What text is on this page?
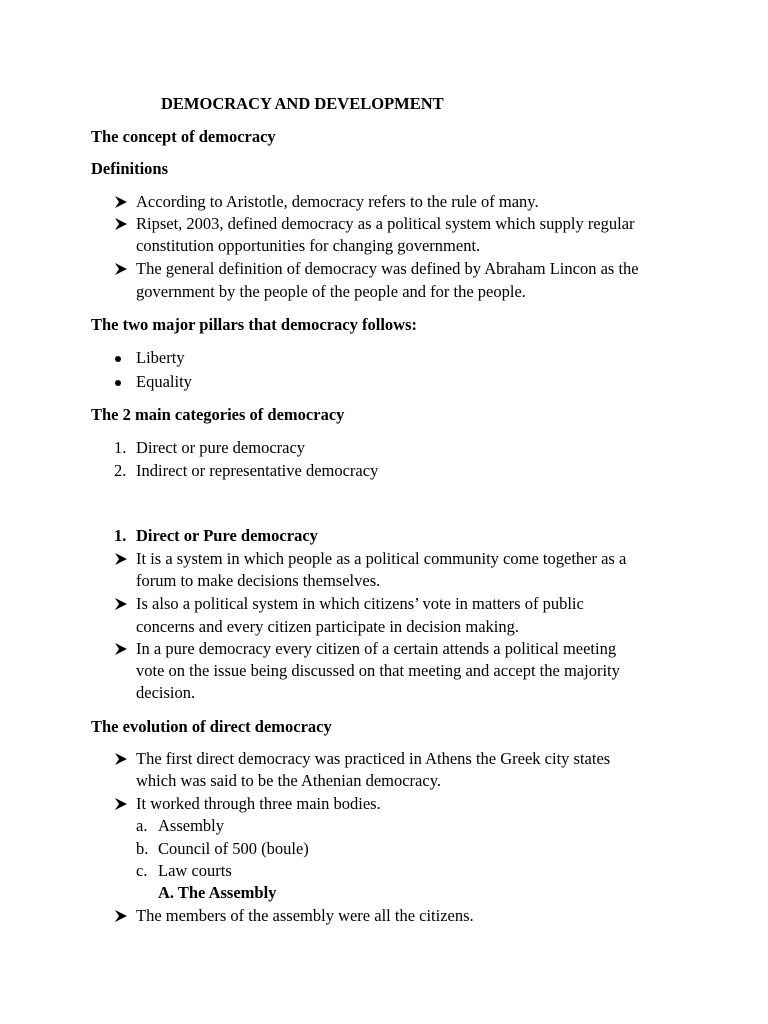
DEMOCRACY AND DEVELOPMENT
The concept of democracy
Definitions
According to Aristotle, democracy refers to the rule of many.
Ripset, 2003, defined democracy as a political system which supply regular
constitution opportunities for changing government.
The general definition of democracy was defined by Abraham Lincon as the
government by the people of the people and for the people.
The two major pillars that democracy follows:
Liberty
Equality
The 2 main categories of democracy
1. Direct or pure democracy
2. Indirect or representative democracy
1. Direct or Pure democracy
It is a system in which people as a political community come together as a
forum to make decisions themselves.
Is also a political system in which citizens’ vote in matters of public
concerns and every citizen participate in decision making.
In a pure democracy every citizen of a certain attends a political meeting
vote on the issue being discussed on that meeting and accept the majority
decision.
The evolution of direct democracy
The first direct democracy was practiced in Athens the Greek city states
which was said to be the Athenian democracy.
It worked through three main bodies.
a. Assembly
b. Council of 500 (boule)
c. Law courts
A. The Assembly
The members of the assembly were all the citizens.
